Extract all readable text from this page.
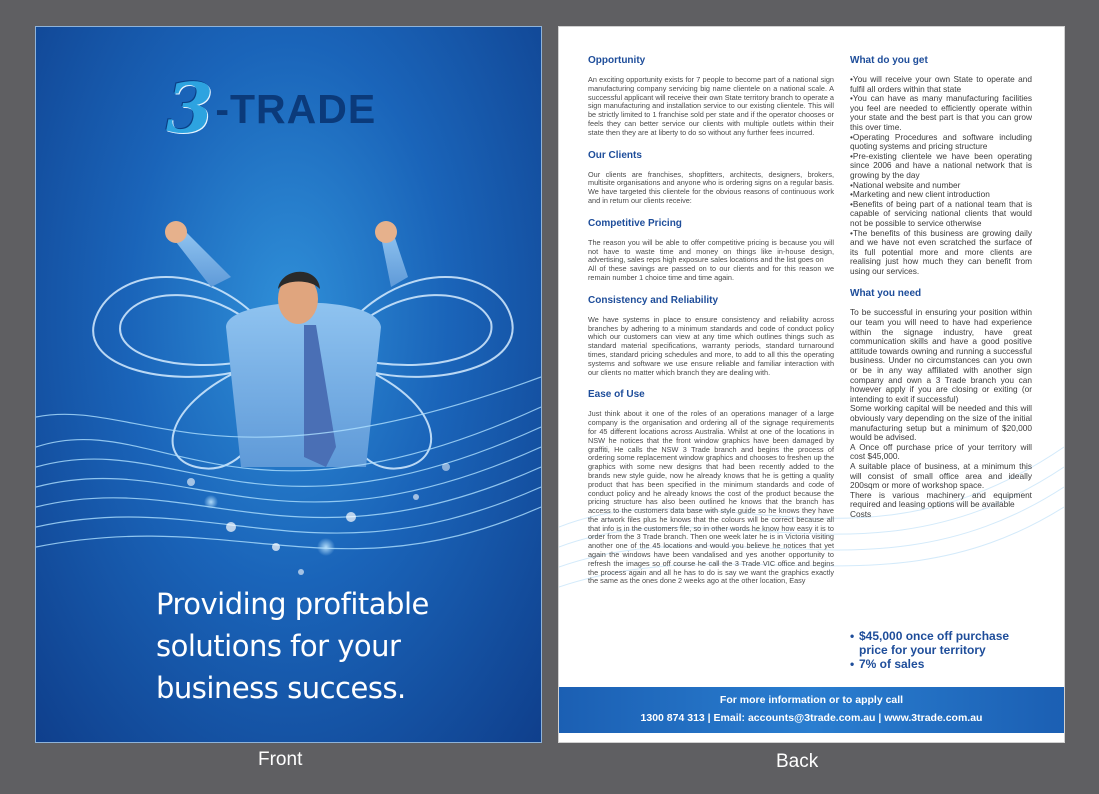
3 -TRADE
Providing profitable
solutions for your
business success.
Front
Opportunity
An exciting opportunity exists for 7 people to become part of a national sign manufacturing company servicing big name clientele on a national scale. A successful applicant will receive their own State territory branch to operate a sign manufacturing and installation service to our existing clientele. This will be strictly limited to 1 franchise sold per state and if the operator chooses or feels they can better service our clients with multiple outlets within their state then they are at liberty to do so without any further fees incurred.
Our Clients
Our clients are franchises, shopfitters, architects, designers, brokers, multisite organisations and anyone who is ordering signs on a regular basis. We have targeted this clientele for the obvious reasons of continuous work and in return our clients receive:
Competitive Pricing
The reason you will be able to offer competitive pricing is because you will not have to waste time and money on things like in-house design, advertising, sales reps high exposure sales locations and the list goes on
All of these savings are passed on to our clients and for this reason we remain number 1 choice time and time again.
Consistency and Reliability
We have systems in place to ensure consistency and reliability across branches by adhering to a minimum standards and code of conduct policy which our customers can view at any time which outlines things such as standard material specifications, warranty periods, standard turnaround times, standard pricing schedules and more, to add to all this the operating systems and software we use ensure reliable and familiar interaction with our clients no matter which branch they are dealing with.
Ease of Use
Just think about it one of the roles of an operations manager of a large company is the organisation and ordering all of the signage requirements for 45 different locations across Australia. Whilst at one of the locations in NSW he notices that the front window graphics have been damaged by graffiti, He calls the NSW 3 Trade branch and begins the process of ordering some replacement window graphics and chooses to freshen up the graphics with some new designs that had been recently added to the brands new style guide, now he already knows that he is getting a quality product that has been specified in the minimum standards and code of conduct policy and he already knows the cost of the product because the pricing structure has also been outlined he knows that the branch has access to the customers data base with style guide so he knows they have the artwork files plus he knows that the colours will be correct because all that info is in the customers file, so in other words he know how easy it is to order from the 3 Trade branch. Then one week later he is in Victoria visiting another one of the 45 locations and would you believe he notices that yet again the windows have been vandalised and yes another opportunity to refresh the images so off course he call the 3 Trade VIC office and begins the process again and all he has to do is say we want the graphics exactly the same as the ones done 2 weeks ago at the other location, Easy
What do you get
•You will receive your own State to operate and fulfil all orders within that state
•You can have as many manufacturing facilities you feel are needed to efficiently operate within your state and the best part is that you can grow this over time.
•Operating Procedures and software including quoting systems and pricing structure
•Pre-existing clientele we have been operating since 2006 and have a national network that is growing by the day
•National website and number
•Marketing and new client introduction
•Benefits of being part of a national team that is capable of servicing national clients that would not be possible to service otherwise
•The benefits of this business are growing daily and we have not even scratched the surface of its full potential more and more clients are realising just how much they can benefit from using our services.
What you need
To be successful in ensuring your position within our team you will need to have had experience within the signage industry, have great communication skills and have a good positive attitude towards owning and running a successful business. Under no circumstances can you own or be in any way affiliated with another sign company and own a 3 Trade branch you can however apply if you are closing or exiting (or intending to exit if successful)
Some working capital will be needed and this will obviously vary depending on the size of the initial manufacturing setup but a minimum of $20,000 would be advised.
A Once off purchase price of your territory will cost $45,000.
A suitable place of business, at a minimum this will consist of small office area and ideally 200sqm or more of workshop space.
There is various machinery and equipment required and leasing options will be available
Costs
• $45,000 once off purchase price for your territory
• 7% of sales
For more information or to apply call
1300 874 313 | Email: accounts@3trade.com.au | www.3trade.com.au
Back
